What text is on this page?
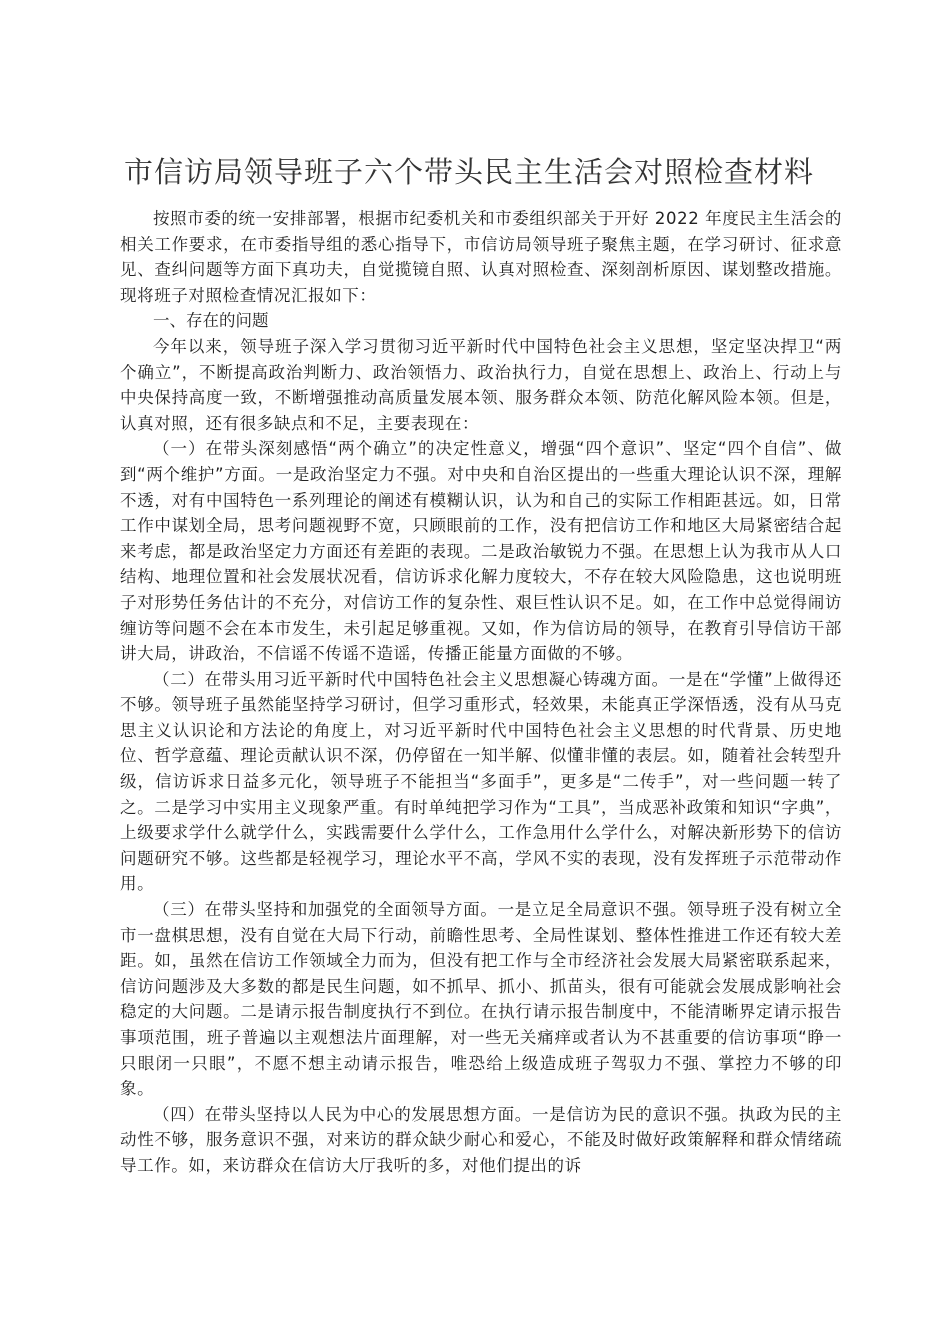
市信访局领导班子六个带头民主生活会对照检查材料

按照市委的统一安排部署，根据市纪委机关和市委组织部关于开好 2022 年度民主生活会的相关工作要求，在市委指导组的悉心指导下，市信访局领导班子聚焦主题，在学习研讨、征求意见、查纠问题等方面下真功夫，自觉揽镜自照、认真对照检查、深刻剖析原因、谋划整改措施。现将班子对照检查情况汇报如下：

一、存在的问题

今年以来，领导班子深入学习贯彻习近平新时代中国特色社会主义思想，坚定坚决捍卫“两个确立”，不断提高政治判断力、政治领悟力、政治执行力，自觉在思想上、政治上、行动上与中央保持高度一致，不断增强推动高质量发展本领、服务群众本领、防范化解风险本领。但是，认真对照，还有很多缺点和不足，主要表现在：

（一）在带头深刻感悟“两个确立”的决定性意义，增强“四个意识”、坚定“四个自信”、做到“两个维护”方面。一是政治坚定力不强。对中央和自治区提出的一些重大理论认识不深，理解不透，对有中国特色一系列理论的阐述有模糊认识，认为和自己的实际工作相距甚远。如，日常工作中谋划全局，思考问题视野不宽，只顾眼前的工作，没有把信访工作和地区大局紧密结合起来考虑，都是政治坚定力方面还有差距的表现。二是政治敏锐力不强。在思想上认为我市从人口结构、地理位置和社会发展状况看，信访诉求化解力度较大，不存在较大风险隐患，这也说明班子对形势任务估计的不充分，对信访工作的复杂性、艰巨性认识不足。如，在工作中总觉得闹访缠访等问题不会在本市发生，未引起足够重视。又如，作为信访局的领导，在教育引导信访干部讲大局，讲政治，不信谣不传谣不造谣，传播正能量方面做的不够。

（二）在带头用习近平新时代中国特色社会主义思想凝心铸魂方面。一是在“学懂”上做得还不够。领导班子虽然能坚持学习研讨，但学习重形式，轻效果，未能真正学深悟透，没有从马克思主义认识论和方法论的角度上，对习近平新时代中国特色社会主义思想的时代背景、历史地位、哲学意蕴、理论贡献认识不深，仍停留在一知半解、似懂非懂的表层。如，随着社会转型升级，信访诉求日益多元化，领导班子不能担当“多面手”，更多是“二传手”，对一些问题一转了之。二是学习中实用主义现象严重。有时单纯把学习作为“工具”，当成恶补政策和知识“字典”，上级要求学什么就学什么，实践需要什么学什么，工作急用什么学什么，对解决新形势下的信访问题研究不够。这些都是轻视学习，理论水平不高，学风不实的表现，没有发挥班子示范带动作用。

（三）在带头坚持和加强党的全面领导方面。一是立足全局意识不强。领导班子没有树立全市一盘棋思想，没有自觉在大局下行动，前瞻性思考、全局性谋划、整体性推进工作还有较大差距。如，虽然在信访工作领域全力而为，但没有把工作与全市经济社会发展大局紧密联系起来，信访问题涉及大多数的都是民生问题，如不抓早、抓小、抓苗头，很有可能就会发展成影响社会稳定的大问题。二是请示报告制度执行不到位。在执行请示报告制度中，不能清晰界定请示报告事项范围，班子普遍以主观想法片面理解，对一些无关痛痒或者认为不甚重要的信访事项“睁一只眼闭一只眼”，不愿不想主动请示报告，唯恐给上级造成班子驾驭力不强、掌控力不够的印象。

（四）在带头坚持以人民为中心的发展思想方面。一是信访为民的意识不强。执政为民的主动性不够，服务意识不强，对来访的群众缺少耐心和爱心，不能及时做好政策解释和群众情绪疏导工作。如，来访群众在信访大厅我听的多，对他们提出的诉
